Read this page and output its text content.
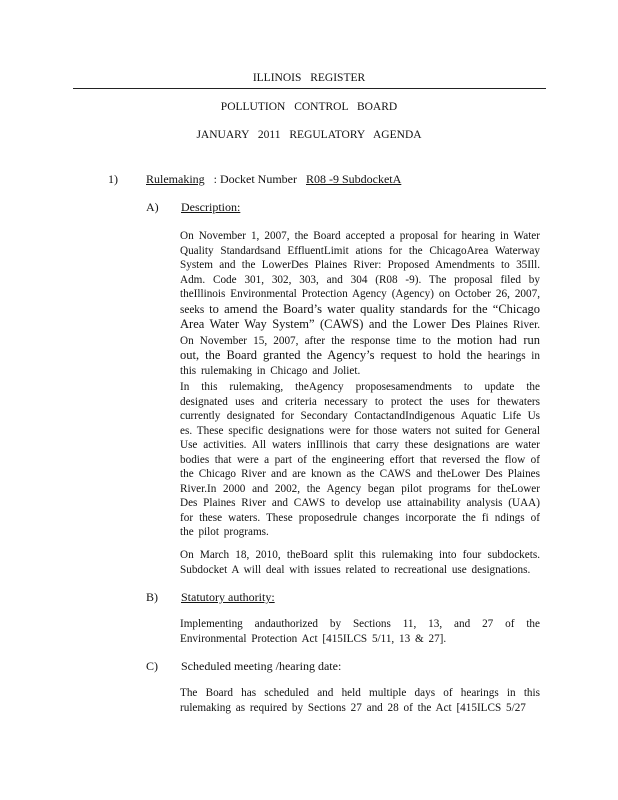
ILLINOIS REGISTER
POLLUTION CONTROL BOARD
JANUARY 2011 REGULATORY AGENDA
1) Rulemaking : Docket Number R08 -9 SubdocketA
A) Description:

On November 1, 2007, the Board accepted a proposal for hearing in Water Quality Standardsand EffluentLimit ations for the ChicagoArea Waterway System and the LowerDes Plaines River: Proposed Amendments to 35Ill. Adm. Code 301, 302, 303, and 304 (R08 -9). The proposal filed by theIllinois Environmental Protection Agency (Agency) on October 26, 2007, seeks to amend the Board’s water quality standards for the “Chicago Area Water Way System” (CAWS) and the Lower Des Plaines River. On November 15, 2007, after the response time to the motion had run out, the Board granted the Agency’s request to hold the hearings in this rulemaking in Chicago and Joliet.

In this rulemaking, theAgency proposesamendments to update the designated uses and criteria necessary to protect the uses for thewaters currently designated for Secondary ContactandIndigenous Aquatic Life Us es. These specific designations were for those waters not suited for General Use activities. All waters inIllinois that carry these designations are water bodies that were a part of the engineering effort that reversed the flow of the Chicago River and are known as the CAWS and theLower Des Plaines River.In 2000 and 2002, the Agency began pilot programs for theLower Des Plaines River and CAWS to develop use attainability analysis (UAA) for these waters. These proposedrule changes incorporate the fi ndings of the pilot programs.

On March 18, 2010, theBoard split this rulemaking into four subdockets. Subdocket A will deal with issues related to recreational use designations.

B) Statutory authority:

Implementing andauthorized by Sections 11, 13, and 27 of the Environmental Protection Act [415ILCS 5/11, 13 & 27].

C) Scheduled meeting /hearing date:

The Board has scheduled and held multiple days of hearings in this rulemaking as required by Sections 27 and 28 of the Act [415ILCS 5/27
